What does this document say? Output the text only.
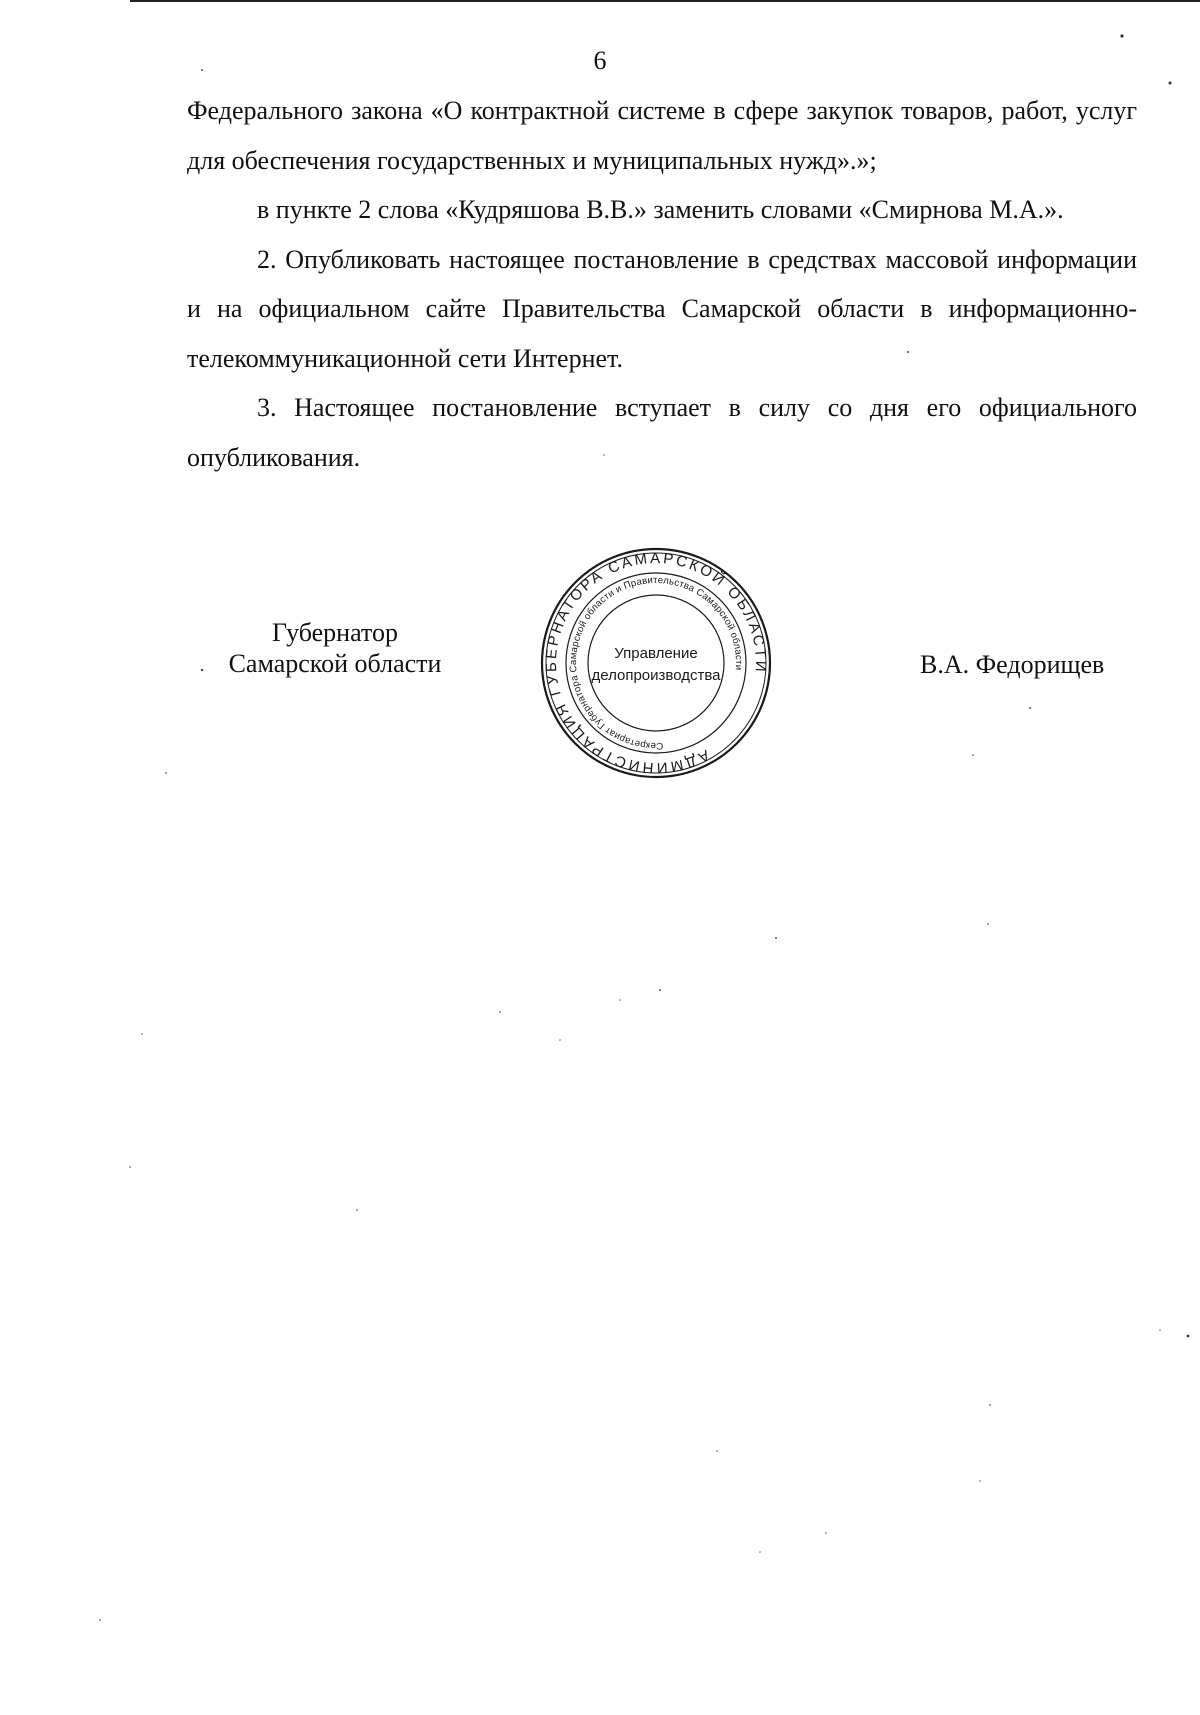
6

Федерального закона «О контрактной системе в сфере закупок товаров, работ, услуг для обеспечения государственных и муниципальных нужд».»;

в пункте 2 слова «Кудряшова В.В.» заменить словами «Смирнова М.А.».

2. Опубликовать настоящее постановление в средствах массовой информации и на официальном сайте Правительства Самарской области в информационно-телекоммуникационной сети Интернет.

3. Настоящее постановление вступает в силу со дня его официального опубликования.

Губернатор
Самарской области	В.А. Федорищев
АДМИНИСТРАЦИЯ ГУБЕРНАТОРА САМАРСКОЙ ОБЛАСТИ
Секретариат Губернатора Самарской области и Правительства Самарской области
Управление
делопроизводства
